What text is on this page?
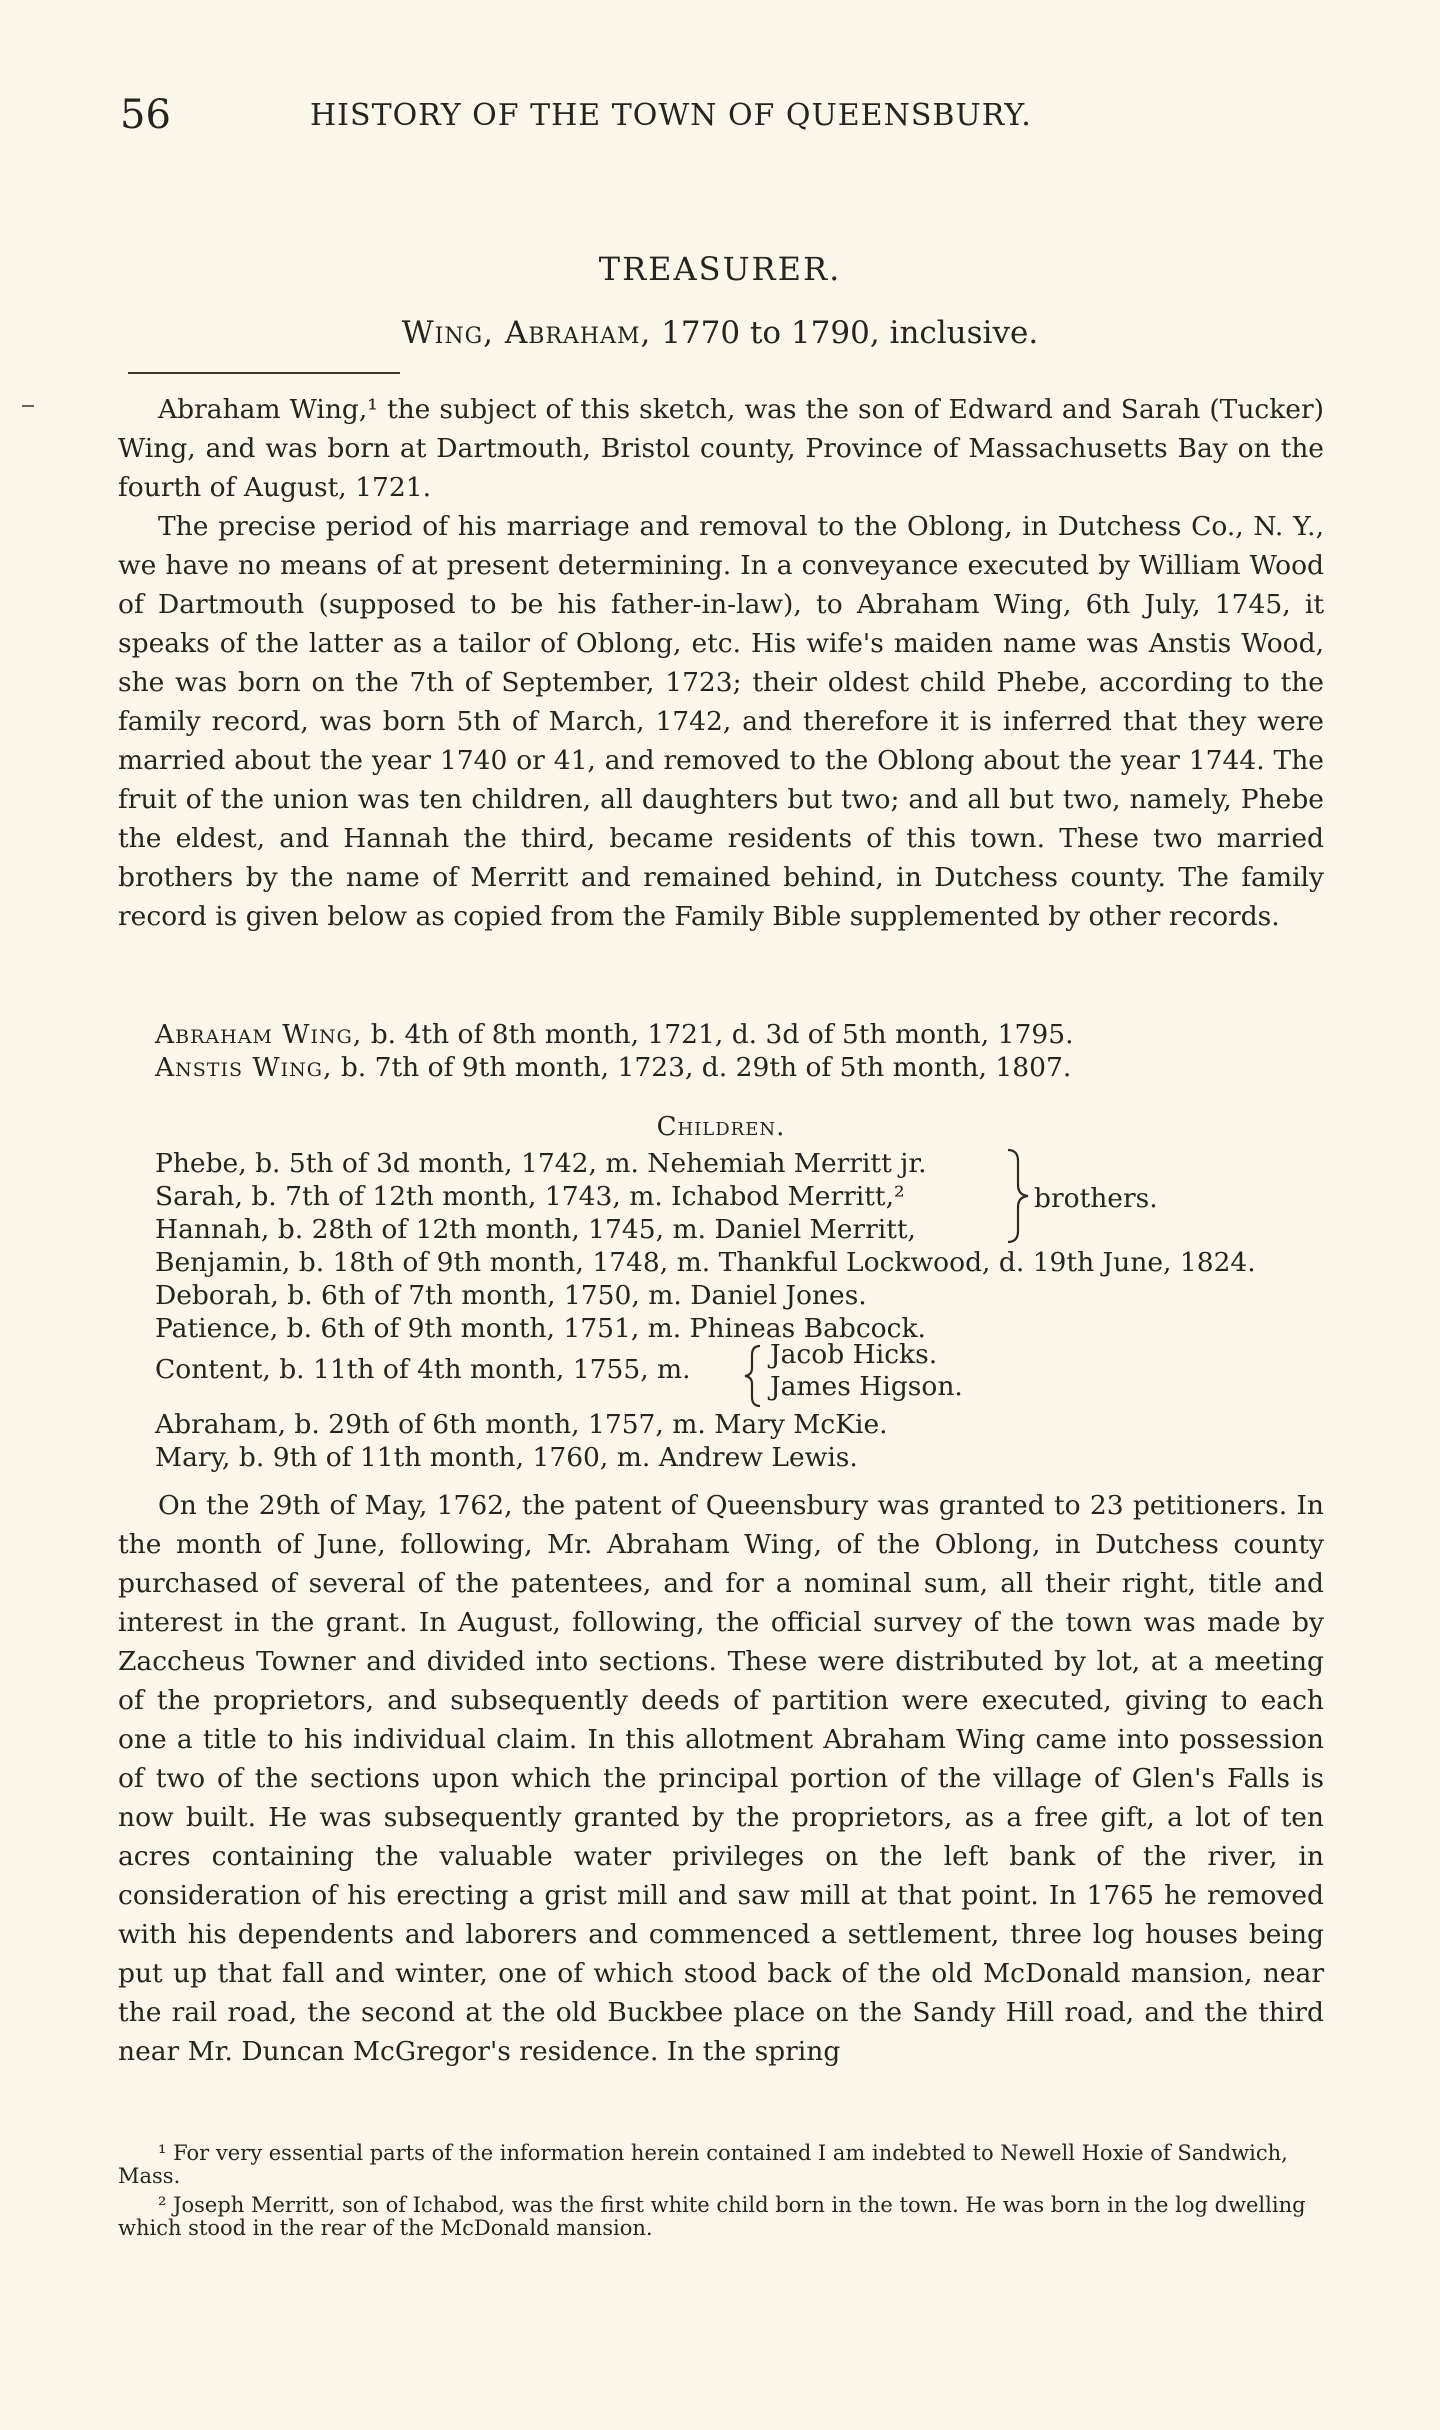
56	HISTORY OF THE TOWN OF QUEENSBURY.
TREASURER.
Wing, Abraham, 1770 to 1790, inclusive.

Abraham Wing,¹ the subject of this sketch, was the son of Edward and Sarah (Tucker) Wing, and was born at Dartmouth, Bristol county, Province of Massachusetts Bay on the fourth of August, 1721.

The precise period of his marriage and removal to the Oblong, in Dutchess Co., N. Y., we have no means of at present determining. In a conveyance executed by William Wood of Dartmouth (supposed to be his father-in-law), to Abraham Wing, 6th July, 1745, it speaks of the latter as a tailor of Oblong, etc. His wife's maiden name was Anstis Wood, she was born on the 7th of September, 1723; their oldest child Phebe, according to the family record, was born 5th of March, 1742, and therefore it is inferred that they were married about the year 1740 or 41, and removed to the Oblong about the year 1744. The fruit of the union was ten children, all daughters but two; and all but two, namely, Phebe the eldest, and Hannah the third, became residents of this town. These two married brothers by the name of Merritt and remained behind, in Dutchess county. The family record is given below as copied from the Family Bible supplemented by other records.

Abraham Wing, b. 4th of 8th month, 1721, d. 3d of 5th month, 1795.
Anstis Wing, b. 7th of 9th month, 1723, d. 29th of 5th month, 1807.
Children.
Phebe, b. 5th of 3d month, 1742, m. Nehemiah Merritt jr.
Sarah, b. 7th of 12th month, 1743, m. Ichabod Merritt,²
Hannah, b. 28th of 12th month, 1745, m. Daniel Merritt,
Benjamin, b. 18th of 9th month, 1748, m. Thankful Lockwood, d. 19th June, 1824.
Deborah, b. 6th of 7th month, 1750, m. Daniel Jones.
Patience, b. 6th of 9th month, 1751, m. Phineas Babcock.
Content, b. 11th of 4th month, 1755, m.
Abraham, b. 29th of 6th month, 1757, m. Mary McKie.
Mary, b. 9th of 11th month, 1760, m. Andrew Lewis.
brothers.
Jacob Hicks.
James Higson.

On the 29th of May, 1762, the patent of Queensbury was granted to 23 petitioners. In the month of June, following, Mr. Abraham Wing, of the Oblong, in Dutchess county purchased of several of the patentees, and for a nominal sum, all their right, title and interest in the grant. In August, following, the official survey of the town was made by Zaccheus Towner and divided into sections. These were distributed by lot, at a meeting of the proprietors, and subsequently deeds of partition were executed, giving to each one a title to his individual claim. In this allotment Abraham Wing came into possession of two of the sections upon which the principal portion of the village of Glen's Falls is now built. He was subsequently granted by the proprietors, as a free gift, a lot of ten acres containing the valuable water privileges on the left bank of the river, in consideration of his erecting a grist mill and saw mill at that point. In 1765 he removed with his dependents and laborers and commenced a settlement, three log houses being put up that fall and winter, one of which stood back of the old McDonald mansion, near the rail road, the second at the old Buckbee place on the Sandy Hill road, and the third near Mr. Duncan McGregor's residence. In the spring

¹ For very essential parts of the information herein contained I am indebted to Newell Hoxie of Sandwich, Mass.

² Joseph Merritt, son of Ichabod, was the first white child born in the town. He was born in the log dwelling which stood in the rear of the McDonald mansion.
